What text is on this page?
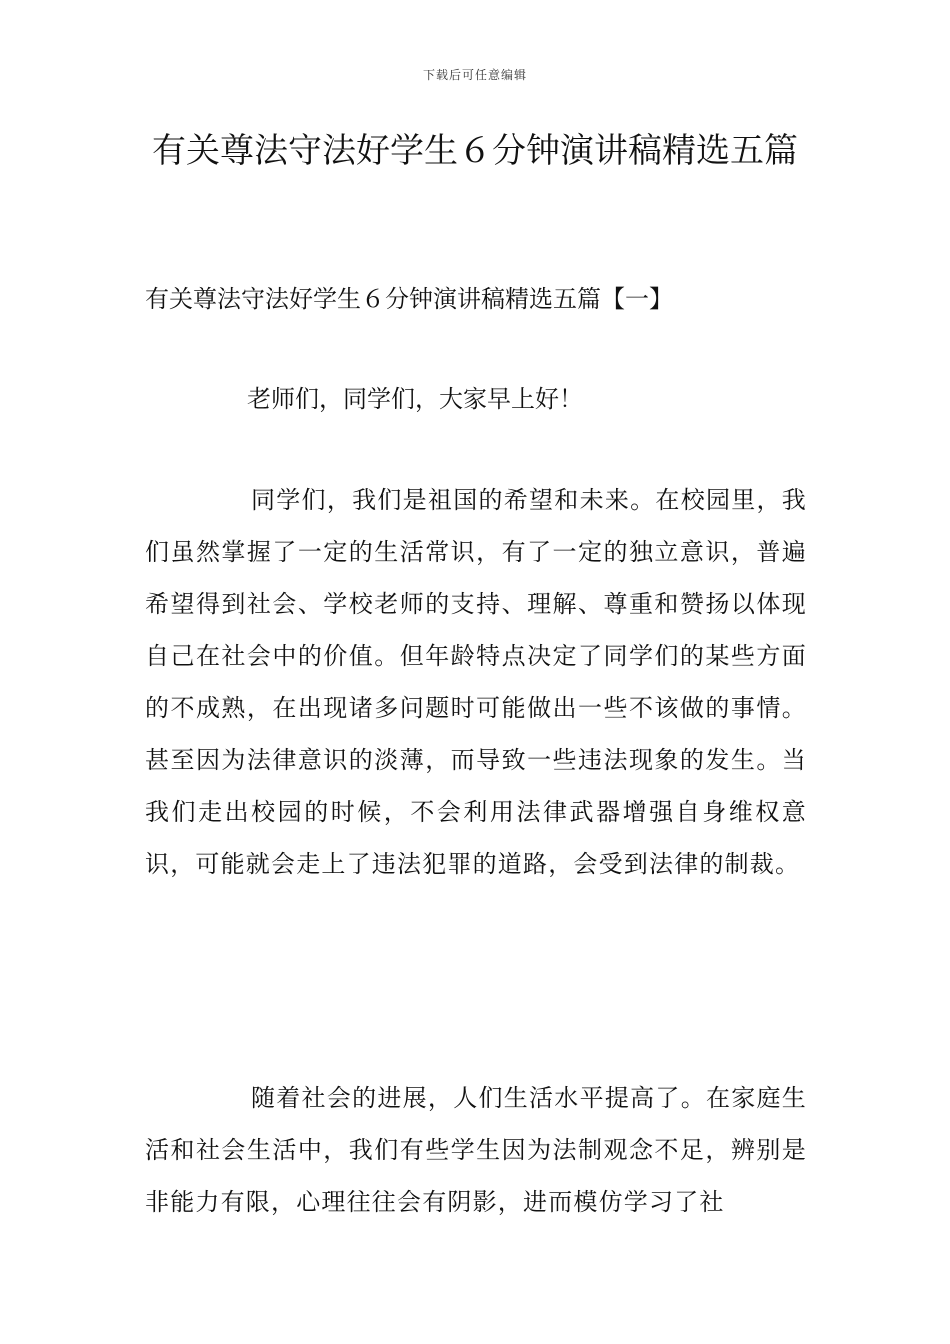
下载后可任意编辑
有关尊法守法好学生６分钟演讲稿精选五篇
有关尊法守法好学生６分钟演讲稿精选五篇【一】

老师们，同学们，大家早上好！

同学们，我们是祖国的希望和未来。在校园里，我们虽然掌握了一定的生活常识，有了一定的独立意识，普遍希望得到社会、学校老师的支持、理解、尊重和赞扬以体现自己在社会中的价值。但年龄特点决定了同学们的某些方面的不成熟，在出现诸多问题时可能做出一些不该做的事情。甚至因为法律意识的淡薄，而导致一些违法现象的发生。当我们走出校园的时候，不会利用法律武器增强自身维权意识，可能就会走上了违法犯罪的道路，会受到法律的制裁。

随着社会的进展，人们生活水平提高了。在家庭生活和社会生活中，我们有些学生因为法制观念不足，辨别是非能力有限，心理往往会有阴影，进而模仿学习了社
